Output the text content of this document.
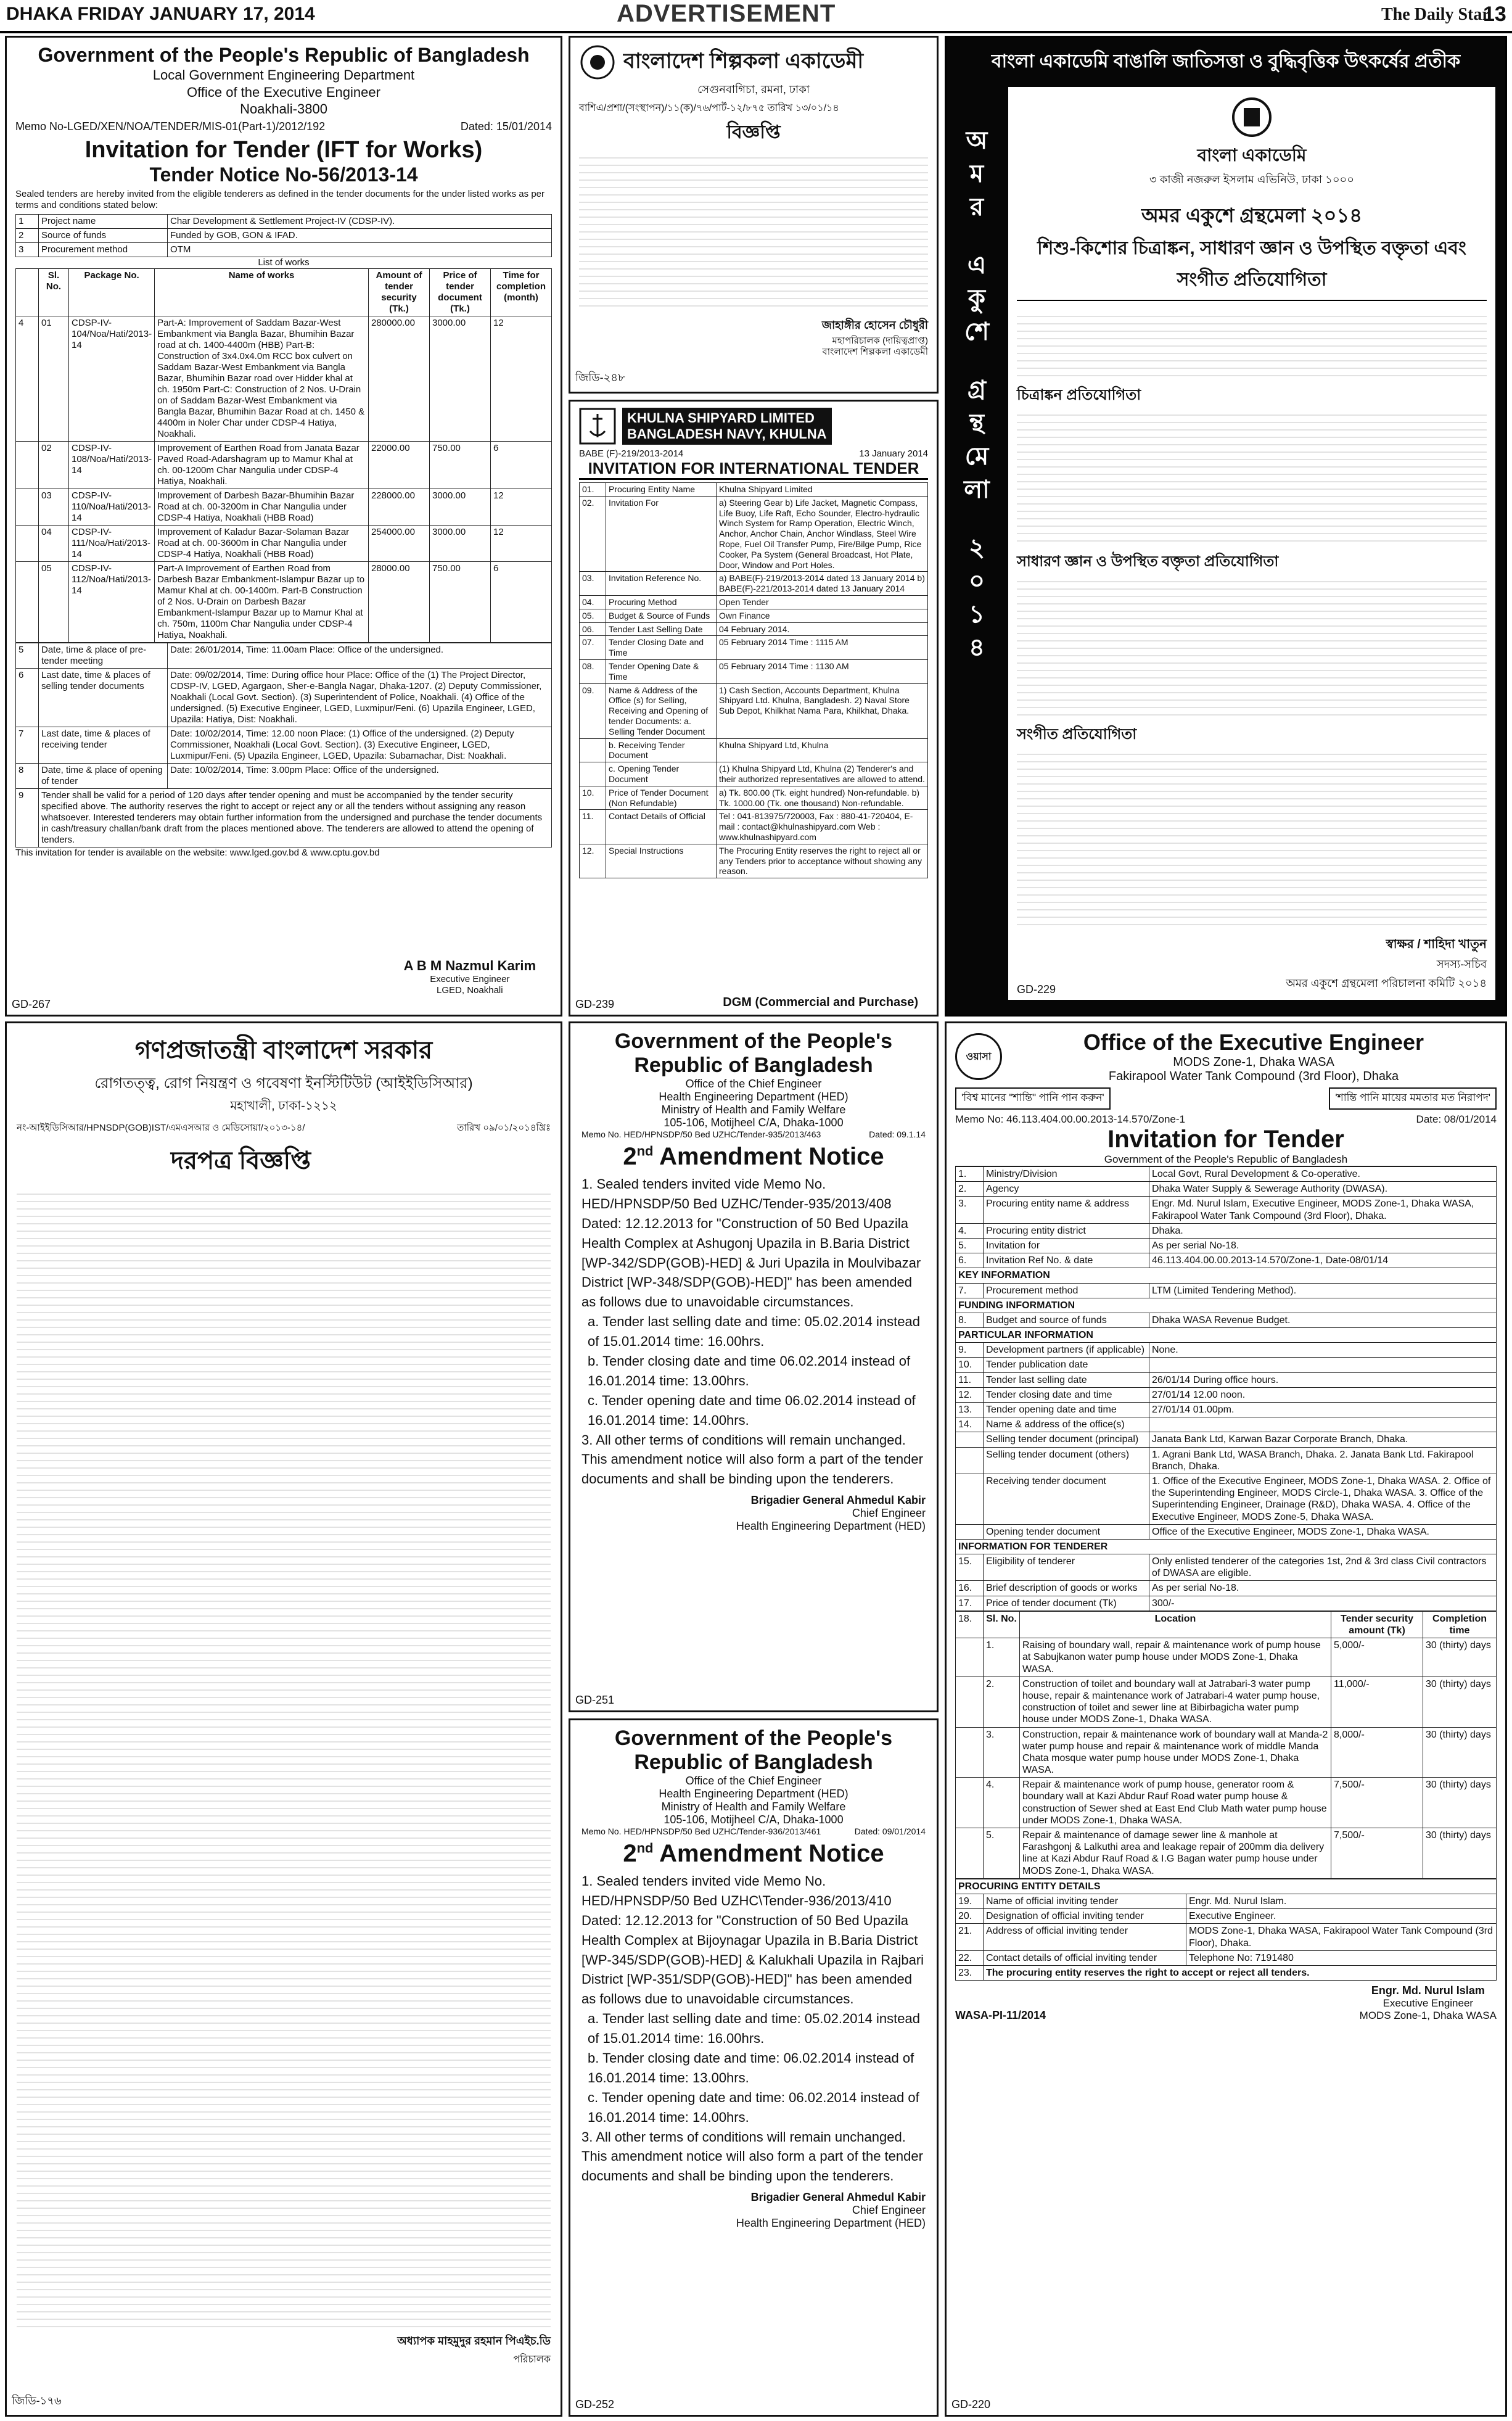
DHAKA FRIDAY JANUARY 17, 2014	ADVERTISEMENT	The Daily Star
13
Government of the People's Republic of Bangladesh
Local Government Engineering Department
Office of the Executive Engineer
Noakhali-3800
Memo No-LGED/XEN/NOA/TENDER/MIS-01(Part-1)/2012/192	Dated: 15/01/2014
Invitation for Tender (IFT for Works)
Tender Notice No-56/2013-14
Sealed tenders are hereby invited from the eligible tenderers as defined in the tender documents for the under listed works as per terms and conditions stated below:
1	Project name	Char Development & Settlement Project-IV (CDSP-IV).
2	Source of funds	Funded by GOB, GON & IFAD.
3	Procurement method	OTM
List of works
	Sl. No.	Package No.	Name of works	Amount of tender security (Tk.)	Price of tender document (Tk.)	Time for completion (month)
4	01	CDSP-IV-104/Noa/Hati/2013-14	Part-A: Improvement of Saddam Bazar-West Embankment via Bangla Bazar, Bhumihin Bazar road at ch. 1400-4400m (HBB) Part-B: Construction of 3x4.0x4.0m RCC box culvert on Saddam Bazar-West Embankment via Bangla Bazar, Bhumihin Bazar road over Hidder khal at ch. 1950m Part-C: Construction of 2 Nos. U-Drain on of Saddam Bazar-West Embankment via Bangla Bazar, Bhumihin Bazar Road at ch. 1450 & 4400m in Noler Char under CDSP-4 Hatiya, Noakhali.	280000.00	3000.00	12
	02	CDSP-IV-108/Noa/Hati/2013-14	Improvement of Earthen Road from Janata Bazar Paved Road-Adarshagram up to Mamur Khal at ch. 00-1200m Char Nangulia under CDSP-4 Hatiya, Noakhali.	22000.00	750.00	6
	03	CDSP-IV-110/Noa/Hati/2013-14	Improvement of Darbesh Bazar-Bhumihin Bazar Road at ch. 00-3200m in Char Nangulia under CDSP-4 Hatiya, Noakhali (HBB Road)	228000.00	3000.00	12
	04	CDSP-IV-111/Noa/Hati/2013-14	Improvement of Kaladur Bazar-Solaman Bazar Road at ch. 00-3600m in Char Nangulia under CDSP-4 Hatiya, Noakhali (HBB Road)	254000.00	3000.00	12
	05	CDSP-IV-112/Noa/Hati/2013-14	Part-A Improvement of Earthen Road from Darbesh Bazar Embankment-Islampur Bazar up to Mamur Khal at ch. 00-1400m. Part-B Construction of 2 Nos. U-Drain on Darbesh Bazar Embankment-Islampur Bazar up to Mamur Khal at ch. 750m, 1100m Char Nangulia under CDSP-4 Hatiya, Noakhali.	28000.00	750.00	6
5	Date, time & place of pre-tender meeting	Date: 26/01/2014, Time: 11.00am Place: Office of the undersigned.
6	Last date, time & places of selling tender documents	Date: 09/02/2014, Time: During office hour Place: Office of the (1) The Project Director, CDSP-IV, LGED, Agargaon, Sher-e-Bangla Nagar, Dhaka-1207. (2) Deputy Commissioner, Noakhali (Local Govt. Section). (3) Superintendent of Police, Noakhali. (4) Office of the undersigned. (5) Executive Engineer, LGED, Luxmipur/Feni. (6) Upazila Engineer, LGED, Upazila: Hatiya, Dist: Noakhali.
7	Last date, time & places of receiving tender	Date: 10/02/2014, Time: 12.00 noon Place: (1) Office of the undersigned. (2) Deputy Commissioner, Noakhali (Local Govt. Section). (3) Executive Engineer, LGED, Luxmipur/Feni. (5) Upazila Engineer, LGED, Upazila: Subarnachar, Dist: Noakhali.
8	Date, time & place of opening of tender	Date: 10/02/2014, Time: 3.00pm Place: Office of the undersigned.
9	Tender shall be valid for a period of 120 days after tender opening and must be accompanied by the tender security specified above. The authority reserves the right to accept or reject any or all the tenders without assigning any reason whatsoever. Interested tenderers may obtain further information from the undersigned and purchase the tender documents in cash/treasury challan/bank draft from the places mentioned above. The tenderers are allowed to attend the opening of tenders.	
This invitation for tender is available on the website: www.lged.gov.bd & www.cptu.gov.bd
A B M Nazmul Karim
Executive Engineer
LGED, Noakhali
GD-267
বাংলাদেশ শিল্পকলা একাডেমী
সেগুনবাগিচা, রমনা, ঢাকা
বাশিএ/প্রশা/(সংস্থাপন)/১১(ক)/৭৬/পার্ট-১২/৮৭৫ তারিখ ১৩/০১/১৪
বিজ্ঞপ্তি
জাহাঙ্গীর হোসেন চৌধুরী
মহাপরিচালক (দায়িত্বপ্রাপ্ত)
বাংলাদেশ শিল্পকলা একাডেমী
জিডি-২৪৮
KHULNA SHIPYARD LIMITED
BANGLADESH NAVY, KHULNA
BABE (F)-219/2013-2014	13 January 2014
INVITATION FOR INTERNATIONAL TENDER
01.	Procuring Entity Name	Khulna Shipyard Limited
02.	Invitation For	a) Steering Gear b) Life Jacket, Magnetic Compass, Life Buoy, Life Raft, Echo Sounder, Electro-hydraulic Winch System for Ramp Operation, Electric Winch, Anchor, Anchor Chain, Anchor Windlass, Steel Wire Rope, Fuel Oil Transfer Pump, Fire/Bilge Pump, Rice Cooker, Pa System (General Broadcast, Hot Plate, Door, Window and Port Holes.
03.	Invitation Reference No.	a) BABE(F)-219/2013-2014 dated 13 January 2014 b) BABE(F)-221/2013-2014 dated 13 January 2014
04.	Procuring Method	Open Tender
05.	Budget & Source of Funds	Own Finance
06.	Tender Last Selling Date	04 February 2014.
07.	Tender Closing Date and Time	05 February 2014 Time : 1115 AM
08.	Tender Opening Date & Time	05 February 2014 Time : 1130 AM
09.	Name & Address of the Office (s) for Selling, Receiving and Opening of tender Documents: a. Selling Tender Document	1) Cash Section, Accounts Department, Khulna Shipyard Ltd. Khulna, Bangladesh. 2) Naval Store Sub Depot, Khilkhat Nama Para, Khilkhat, Dhaka.
	b. Receiving Tender Document	Khulna Shipyard Ltd, Khulna
	c. Opening Tender Document	(1) Khulna Shipyard Ltd, Khulna (2) Tenderer's and their authorized representatives are allowed to attend.
10.	Price of Tender Document (Non Refundable)	a) Tk. 800.00 (Tk. eight hundred) Non-refundable. b) Tk. 1000.00 (Tk. one thousand) Non-refundable.
11.	Contact Details of Official	Tel : 041-813975/720003, Fax : 880-41-720404, E-mail : contact@khulnashipyard.com Web : www.khulnashipyard.com
12.	Special Instructions	The Procuring Entity reserves the right to reject all or any Tenders prior to acceptance without showing any reason.
DGM (Commercial and Purchase)
GD-239
বাংলা একাডেমি বাঙালি জাতিসত্তা ও বুদ্ধিবৃত্তিক উৎকর্ষের প্রতীক
অ
ম
র
এ
কু
শে
গ্র
ন্থ
মে
লা
২
০
১
৪
বাংলা একাডেমি
৩ কাজী নজরুল ইসলাম এভিনিউ, ঢাকা ১০০০
অমর একুশে গ্রন্থমেলা ২০১৪
শিশু-কিশোর চিত্রাঙ্কন, সাধারণ জ্ঞান ও উপস্থিত বক্তৃতা এবং সংগীত প্রতিযোগিতা
চিত্রাঙ্কন প্রতিযোগিতা
সাধারণ জ্ঞান ও উপস্থিত বক্তৃতা প্রতিযোগিতা
সংগীত প্রতিযোগিতা
স্বাক্ষর / শাহিদা খাতুন
সদস্য-সচিব
অমর একুশে গ্রন্থমেলা পরিচালনা কমিটি ২০১৪
GD-229
গণপ্রজাতন্ত্রী বাংলাদেশ সরকার
রোগতত্ত্ব, রোগ নিয়ন্ত্রণ ও গবেষণা ইনস্টিটিউট (আইইডিসিআর)
মহাখালী, ঢাকা-১২১২
নং-আইইডিসিআর/HPNSDP(GOB)IST/এমএসআর ও মেডিসোয়া/২০১৩-১৪/	তারিখ ০৯/০১/২০১৪খ্রিঃ
দরপত্র বিজ্ঞপ্তি
অধ্যাপক মাহমুদুর রহমান পিএইচ.ডি
পরিচালক
জিডি-১৭৬
Government of the People's
Republic of Bangladesh
Office of the Chief Engineer
Health Engineering Department (HED)
Ministry of Health and Family Welfare
105-106, Motijheel C/A, Dhaka-1000
Memo No. HED/HPNSDP/50 Bed UZHC/Tender-935/2013/463	Dated: 09.1.14
2nd Amendment Notice
1. Sealed tenders invited vide Memo No. HED/HPNSDP/50 Bed UZHC/Tender-935/2013/408 Dated: 12.12.2013 for "Construction of 50 Bed Upazila Health Complex at Ashugonj Upazila in B.Baria District [WP-342/SDP(GOB)-HED] & Juri Upazila in Moulvibazar District [WP-348/SDP(GOB)-HED]" has been amended as follows due to unavoidable circumstances.
a. Tender last selling date and time: 05.02.2014 instead of 15.01.2014 time: 16.00hrs.
b. Tender closing date and time 06.02.2014 instead of 16.01.2014 time: 13.00hrs.
c. Tender opening date and time 06.02.2014 instead of 16.01.2014 time: 14.00hrs.
3. All other terms of conditions will remain unchanged. This amendment notice will also form a part of the tender documents and shall be binding upon the tenderers.
Brigadier General Ahmedul Kabir
Chief Engineer
Health Engineering Department (HED)
GD-251
Government of the People's
Republic of Bangladesh
Office of the Chief Engineer
Health Engineering Department (HED)
Ministry of Health and Family Welfare
105-106, Motijheel C/A, Dhaka-1000
Memo No. HED/HPNSDP/50 Bed UZHC/Tender-936/2013/461	Dated: 09/01/2014
2nd Amendment Notice
1. Sealed tenders invited vide Memo No. HED/HPNSDP/50 Bed UZHC\Tender-936/2013/410 Dated: 12.12.2013 for "Construction of 50 Bed Upazila Health Complex at Bijoynagar Upazila in B.Baria District [WP-345/SDP(GOB)-HED] & Kalukhali Upazila in Rajbari District [WP-351/SDP(GOB)-HED]" has been amended as follows due to unavoidable circumstances.
a. Tender last selling date and time: 05.02.2014 instead of 15.01.2014 time: 16.00hrs.
b. Tender closing date and time: 06.02.2014 instead of 16.01.2014 time: 13.00hrs.
c. Tender opening date and time: 06.02.2014 instead of 16.01.2014 time: 14.00hrs.
3. All other terms of conditions will remain unchanged. This amendment notice will also form a part of the tender documents and shall be binding upon the tenderers.
Brigadier General Ahmedul Kabir
Chief Engineer
Health Engineering Department (HED)
GD-252
ওয়াসা
Office of the Executive Engineer
MODS Zone-1, Dhaka WASA
Fakirapool Water Tank Compound (3rd Floor), Dhaka
'বিশ্ব মানের "শান্তি" পানি পান করুন'	'শান্তি পানি মায়ের মমতার মত নিরাপদ'
Memo No: 46.113.404.00.00.2013-14.570/Zone-1	Date: 08/01/2014
Invitation for Tender
Government of the People's Republic of Bangladesh
1.	Ministry/Division	Local Govt, Rural Development & Co-operative.
2.	Agency	Dhaka Water Supply & Sewerage Authority (DWASA).
3.	Procuring entity name & address	Engr. Md. Nurul Islam, Executive Engineer, MODS Zone-1, Dhaka WASA, Fakirapool Water Tank Compound (3rd Floor), Dhaka.
4.	Procuring entity district	Dhaka.
5.	Invitation for	As per serial No-18.
6.	Invitation Ref No. & date	46.113.404.00.00.2013-14.570/Zone-1, Date-08/01/14
KEY INFORMATION		
7.	Procurement method	LTM (Limited Tendering Method).
FUNDING INFORMATION		
8.	Budget and source of funds	Dhaka WASA Revenue Budget.
PARTICULAR INFORMATION		
9.	Development partners (if applicable)	None.
10.	Tender publication date	
11.	Tender last selling date	26/01/14 During office hours.
12.	Tender closing date and time	27/01/14 12.00 noon.
13.	Tender opening date and time	27/01/14 01.00pm.
14.	Name & address of the office(s)	
	Selling tender document (principal)	Janata Bank Ltd, Karwan Bazar Corporate Branch, Dhaka.
	Selling tender document (others)	1. Agrani Bank Ltd, WASA Branch, Dhaka. 2. Janata Bank Ltd. Fakirapool Branch, Dhaka.
	Receiving tender document	1. Office of the Executive Engineer, MODS Zone-1, Dhaka WASA. 2. Office of the Superintending Engineer, MODS Circle-1, Dhaka WASA. 3. Office of the Superintending Engineer, Drainage (R&D), Dhaka WASA. 4. Office of the Executive Engineer, MODS Zone-5, Dhaka WASA.
	Opening tender document	Office of the Executive Engineer, MODS Zone-1, Dhaka WASA.
INFORMATION FOR TENDERER		
15.	Eligibility of tenderer	Only enlisted tenderer of the categories 1st, 2nd & 3rd class Civil contractors of DWASA are eligible.
16.	Brief description of goods or works	As per serial No-18.
17.	Price of tender document (Tk)	300/-
18.	Sl. No.	Location	Tender security amount (Tk)	Completion time
	1.	Raising of boundary wall, repair & maintenance work of pump house at Sabujkanon water pump house under MODS Zone-1, Dhaka WASA.	5,000/-	30 (thirty) days
	2.	Construction of toilet and boundary wall at Jatrabari-3 water pump house, repair & maintenance work of Jatrabari-4 water pump house, construction of toilet and sewer line at Bibirbagicha water pump house under MODS Zone-1, Dhaka WASA.	11,000/-	30 (thirty) days
	3.	Construction, repair & maintenance work of boundary wall at Manda-2 water pump house and repair & maintenance work of middle Manda Chata mosque water pump house under MODS Zone-1, Dhaka WASA.	8,000/-	30 (thirty) days
	4.	Repair & maintenance work of pump house, generator room & boundary wall at Kazi Abdur Rauf Road water pump house & construction of Sewer shed at East End Club Math water pump house under MODS Zone-1, Dhaka WASA.	7,500/-	30 (thirty) days
	5.	Repair & maintenance of damage sewer line & manhole at Farashgonj & Lalkuthi area and leakage repair of 200mm dia delivery line at Kazi Abdur Rauf Road & I.G Bagan water pump house under MODS Zone-1, Dhaka WASA.	7,500/-	30 (thirty) days
PROCURING ENTITY DETAILS		
19.	Name of official inviting tender	Engr. Md. Nurul Islam.
20.	Designation of official inviting tender	Executive Engineer.
21.	Address of official inviting tender	MODS Zone-1, Dhaka WASA, Fakirapool Water Tank Compound (3rd Floor), Dhaka.
22.	Contact details of official inviting tender	Telephone No: 7191480
23.	The procuring entity reserves the right to accept or reject all tenders.	
WASA-PI-11/2014
Engr. Md. Nurul Islam
Executive Engineer
MODS Zone-1, Dhaka WASA
GD-220
